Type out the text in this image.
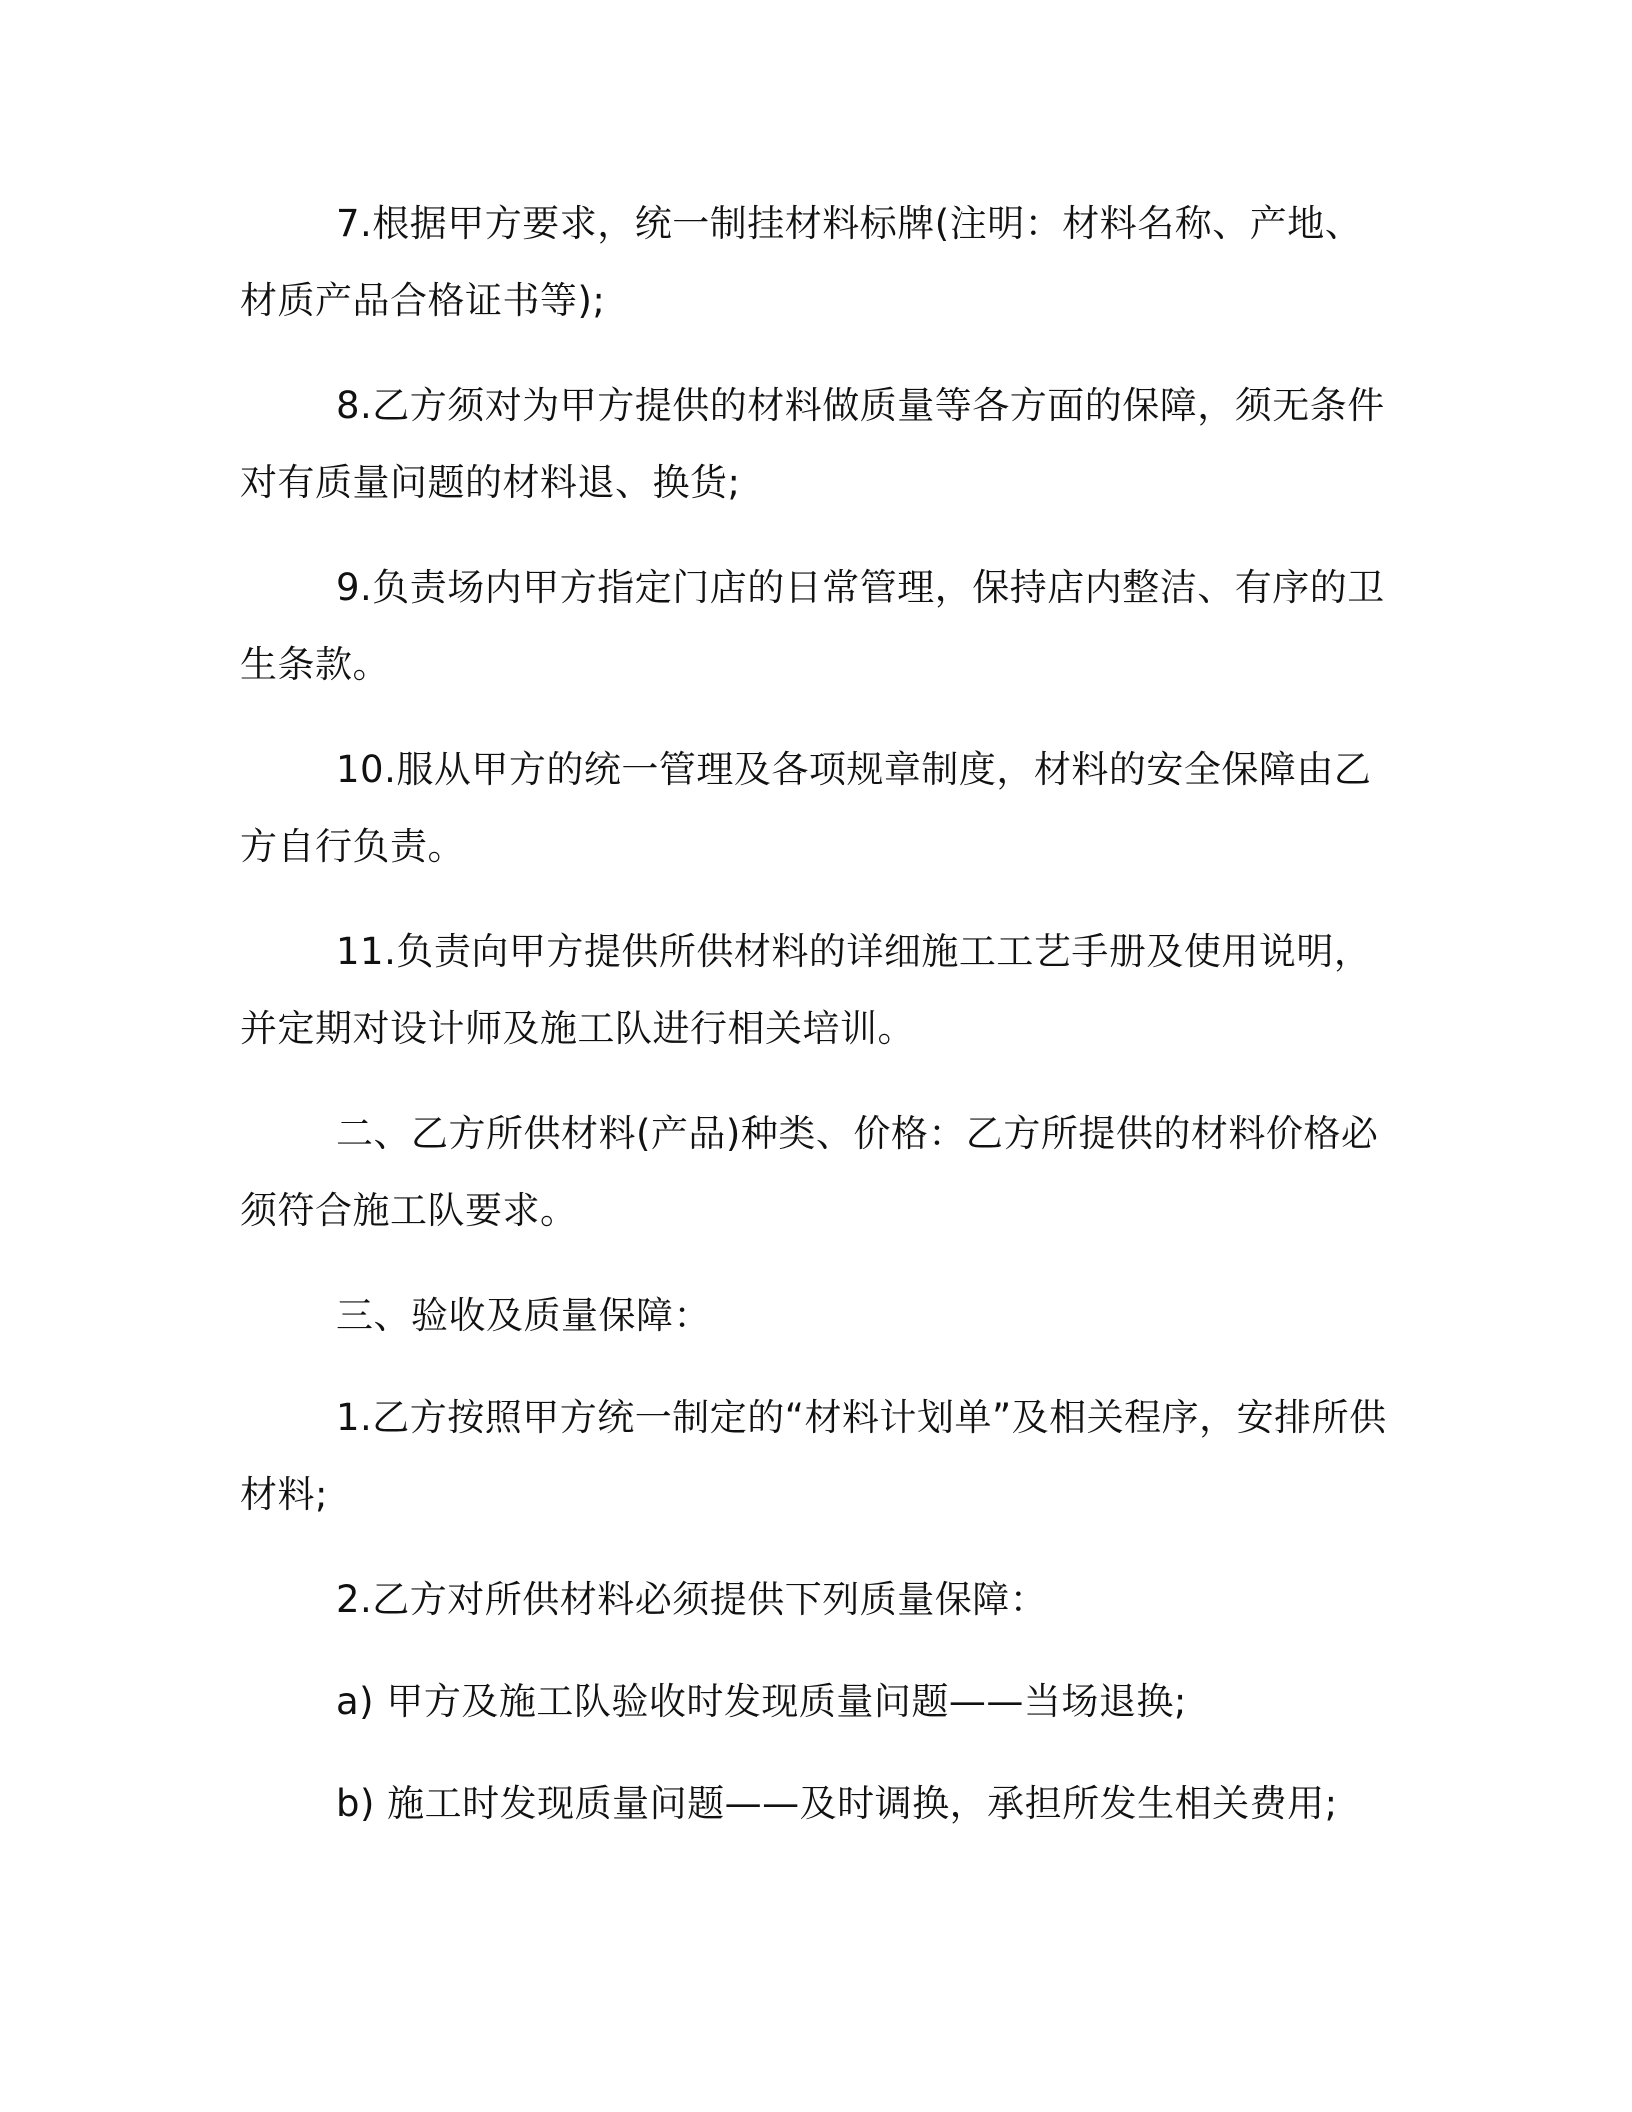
7.根据甲方要求，统一制挂材料标牌(注明：材料名称、产地、材质产品合格证书等);

8.乙方须对为甲方提供的材料做质量等各方面的保障，须无条件对有质量问题的材料退、换货;

9.负责场内甲方指定门店的日常管理，保持店内整洁、有序的卫生条款。

10.服从甲方的统一管理及各项规章制度，材料的安全保障由乙方自行负责。

11.负责向甲方提供所供材料的详细施工工艺手册及使用说明，并定期对设计师及施工队进行相关培训。

二、乙方所供材料(产品)种类、价格：乙方所提供的材料价格必须符合施工队要求。

三、验收及质量保障：

1.乙方按照甲方统一制定的“材料计划单”及相关程序，安排所供材料;

2.乙方对所供材料必须提供下列质量保障：

a) 甲方及施工队验收时发现质量问题——当场退换;

b) 施工时发现质量问题——及时调换，承担所发生相关费用;
